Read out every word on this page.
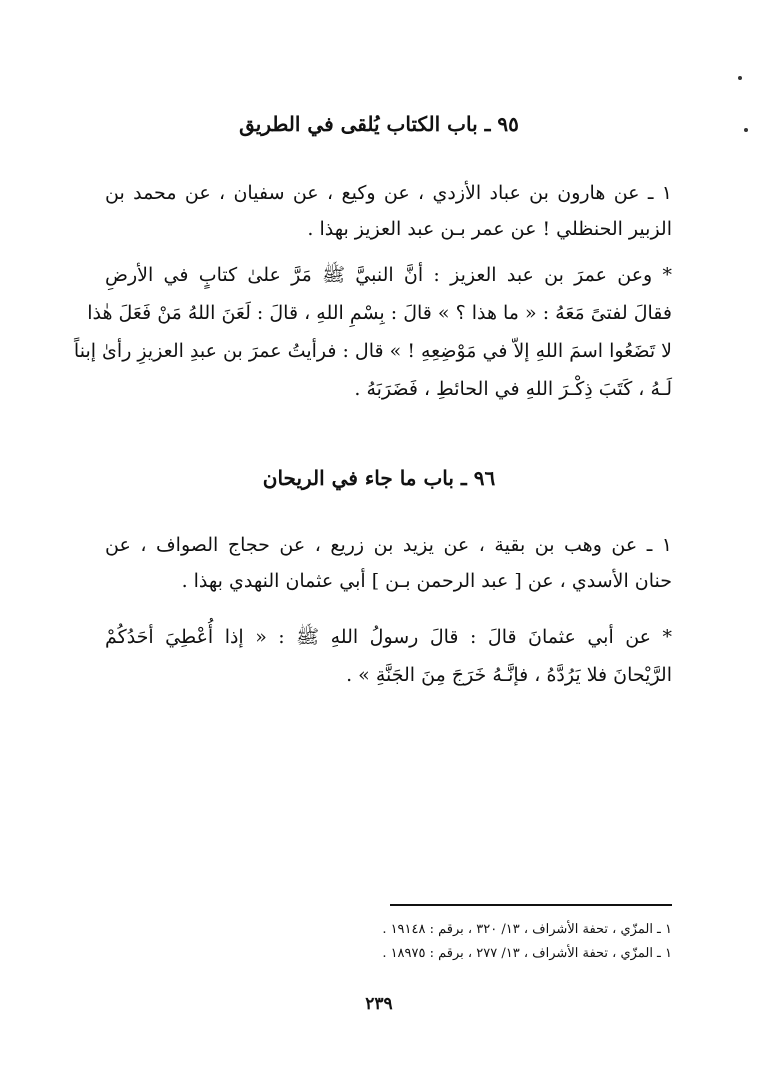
٩٥ ـ باب الكتاب يُلقى في الطريق
١ ـ عن هارون بن عباد الأزدي ، عن وكيع ، عن سفيان ، عن محمد بن
الزبير الحنظلي ! عن عمر بـن عبد العزيز بهذا .
* وعن عمرَ بن عبد العزيز : أنَّ النبيَّ ﷺ مَرَّ علىٰ كتابٍ في الأرضِ
فقالَ لفتىً مَعَهُ : « ما هذا ؟ » قالَ : بِسْمِ اللهِ ، قالَ : لَعَنَ اللهُ مَنْ فَعَلَ هٰذا
لا تَضَعُوا اسمَ اللهِ إلاّ في مَوْضِعِهِ ! » قال : فرأيتُ عمرَ بن عبدِ العزيزِ رأىٰ إبناً
لَـهُ ، كَتَبَ ذِكْـرَ اللهِ في الحائطِ ، فَضَرَبَهُ .
٩٦ ـ باب ما جاء في الريحان
١ ـ عن وهب بن بقية ، عن يزيد بن زريع ، عن حجاج الصواف ، عن
حنان الأسدي ، عن [ عبد الرحمن بـن ] أبي عثمان النهدي بهذا .
* عن أبي عثمانَ قالَ : قالَ رسولُ اللهِ ﷺ : « إذا أُعْطِيَ أحَدُكُمْ
الرَّيْحانَ فلا يَرُدَّهُ ، فإنَّـهُ خَرَجَ مِنَ الجَنَّةِ » .
١ ـ المزّي ، تحفة الأشراف ، ١٣/ ٣٢٠ ، برقم : ١٩١٤٨ .
١ ـ المزّي ، تحفة الأشراف ، ١٣/ ٢٧٧ ، برقم : ١٨٩٧٥ .
٢٣٩
